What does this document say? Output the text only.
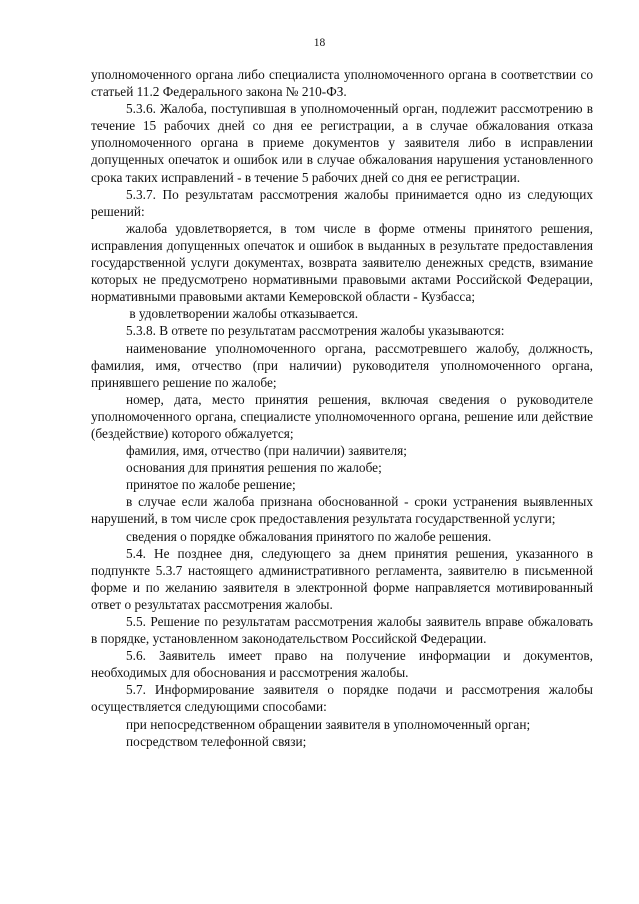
18

уполномоченного органа либо специалиста уполномоченного органа в соответствии со статьей 11.2 Федерального закона № 210-ФЗ.

5.3.6. Жалоба, поступившая в уполномоченный орган, подлежит рассмотрению в течение 15 рабочих дней со дня ее регистрации, а в случае обжалования отказа уполномоченного органа в приеме документов у заявителя либо в исправлении допущенных опечаток и ошибок или в случае обжалования нарушения установленного срока таких исправлений - в течение 5 рабочих дней со дня ее регистрации.

5.3.7. По результатам рассмотрения жалобы принимается одно из следующих решений:

жалоба удовлетворяется, в том числе в форме отмены принятого решения, исправления допущенных опечаток и ошибок в выданных в результате предоставления государственной услуги документах, возврата заявителю денежных средств, взимание которых не предусмотрено нормативными правовыми актами Российской Федерации, нормативными правовыми актами Кемеровской области - Кузбасса;

в удовлетворении жалобы отказывается.

5.3.8. В ответе по результатам рассмотрения жалобы указываются:

наименование уполномоченного органа, рассмотревшего жалобу, должность, фамилия, имя, отчество (при наличии) руководителя уполномоченного органа, принявшего решение по жалобе;

номер, дата, место принятия решения, включая сведения о руководителе уполномоченного органа, специалисте уполномоченного органа, решение или действие (бездействие) которого обжалуется;

фамилия, имя, отчество (при наличии) заявителя;

основания для принятия решения по жалобе;

принятое по жалобе решение;

в случае если жалоба признана обоснованной - сроки устранения выявленных нарушений, в том числе срок предоставления результата государственной услуги;

сведения о порядке обжалования принятого по жалобе решения.

5.4. Не позднее дня, следующего за днем принятия решения, указанного в подпункте 5.3.7 настоящего административного регламента, заявителю в письменной форме и по желанию заявителя в электронной форме направляется мотивированный ответ о результатах рассмотрения жалобы.

5.5. Решение по результатам рассмотрения жалобы заявитель вправе обжаловать в порядке, установленном законодательством Российской Федерации.

5.6. Заявитель имеет право на получение информации и документов, необходимых для обоснования и рассмотрения жалобы.

5.7. Информирование заявителя о порядке подачи и рассмотрения жалобы осуществляется следующими способами:

при непосредственном обращении заявителя в уполномоченный орган;

посредством телефонной связи;
